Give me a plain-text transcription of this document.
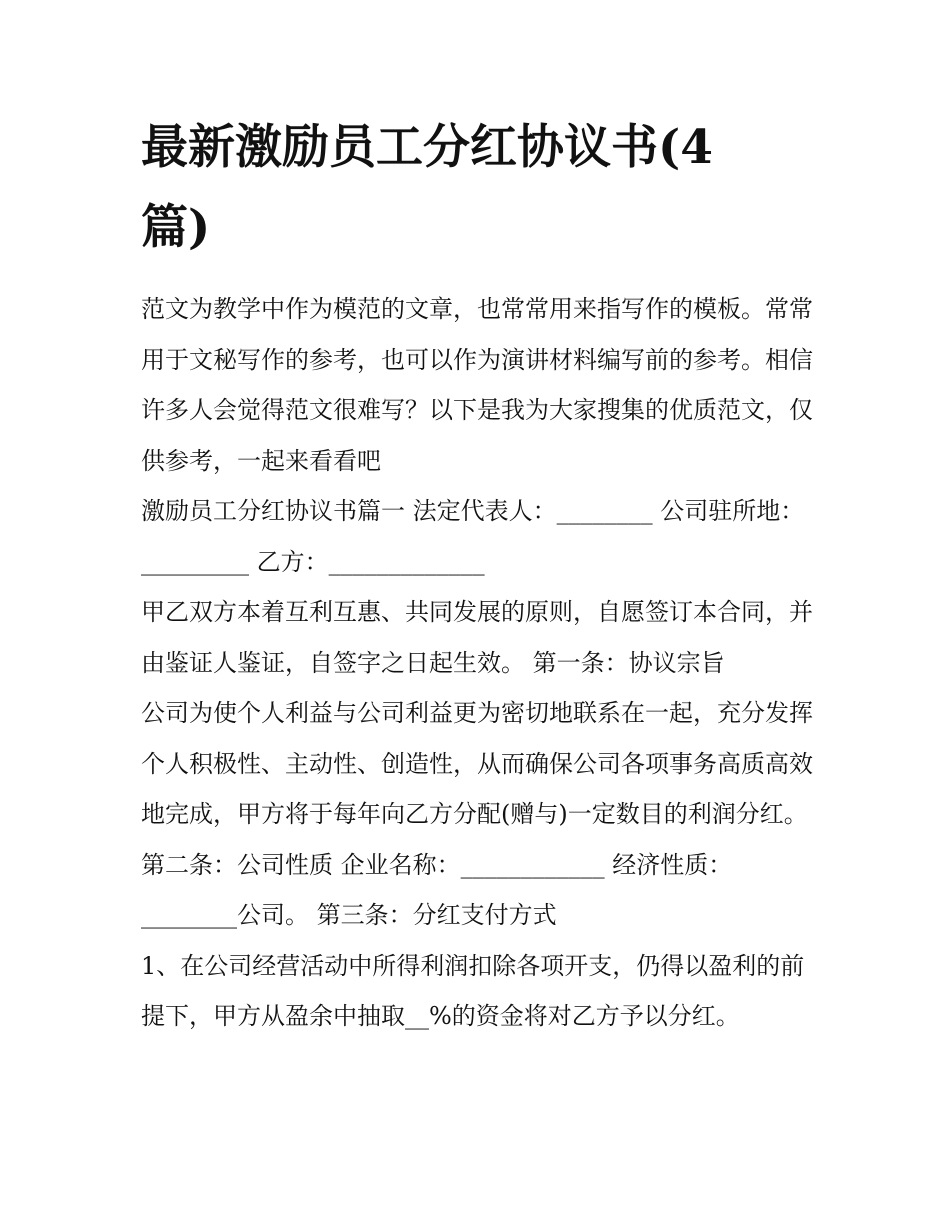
最新激励员工分红协议书(4篇)

范文为教学中作为模范的文章，也常常用来指写作的模板。常常用于文秘写作的参考，也可以作为演讲材料编写前的参考。相信许多人会觉得范文很难写？以下是我为大家搜集的优质范文，仅供参考，一起来看看吧

激励员工分红协议书篇一 法定代表人：________ 公司驻所地：_________ 乙方：_____________

甲乙双方本着互利互惠、共同发展的原则，自愿签订本合同，并由鉴证人鉴证，自签字之日起生效。 第一条：协议宗旨

公司为使个人利益与公司利益更为密切地联系在一起，充分发挥个人积极性、主动性、创造性，从而确保公司各项事务高质高效地完成，甲方将于每年向乙方分配(赠与)一定数目的利润分红。

第二条：公司性质 企业名称：____________ 经济性质：________公司。 第三条：分红支付方式

1、在公司经营活动中所得利润扣除各项开支，仍得以盈利的前提下，甲方从盈余中抽取__%的资金将对乙方予以分红。
